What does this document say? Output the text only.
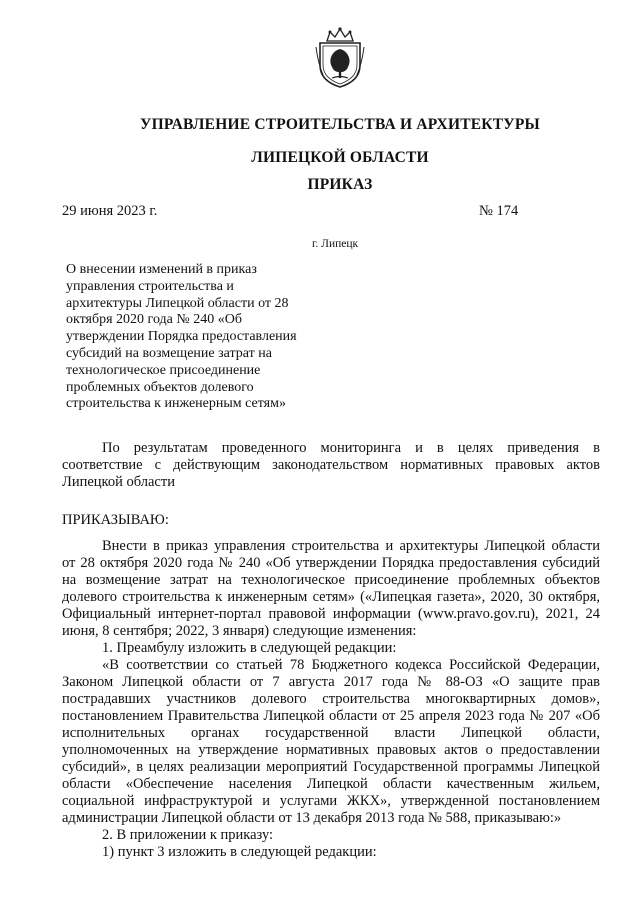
УПРАВЛЕНИЕ СТРОИТЕЛЬСТВА И АРХИТЕКТУРЫ
ЛИПЕЦКОЙ ОБЛАСТИ
ПРИКАЗ
29 июня 2023 г.	№ 174
г. Липецк
О внесении изменений в приказ
управления строительства и
архитектуры Липецкой области от 28
октября 2020 года № 240 «Об
утверждении Порядка предоставления
субсидий на возмещение затрат на
технологическое присоединение
проблемных объектов долевого
строительства к инженерным сетям»
По результатам проведенного мониторинга и в целях приведения в
соответствие с действующим законодательством нормативных правовых актов
Липецкой области
ПРИКАЗЫВАЮ:
Внести в приказ управления строительства и архитектуры Липецкой области
от 28 октября 2020 года № 240 «Об утверждении Порядка предоставления субсидий
на возмещение затрат на технологическое присоединение проблемных объектов
долевого строительства к инженерным сетям» («Липецкая газета», 2020, 30 октября,
Официальный интернет-портал правовой информации (www.pravo.gov.ru), 2021, 24
июня, 8 сентября; 2022, 3 января) следующие изменения:
1. Преамбулу изложить в следующей редакции:
«В соответствии со статьей 78 Бюджетного кодекса Российской Федерации,
Законом Липецкой области от 7 августа 2017 года № 88-ОЗ «О защите прав
пострадавших участников долевого строительства многоквартирных домов»,
постановлением Правительства Липецкой области от 25 апреля 2023 года № 207 «Об
исполнительных органах государственной власти Липецкой области,
уполномоченных на утверждение нормативных правовых актов о предоставлении
субсидий», в целях реализации мероприятий Государственной программы Липецкой
области «Обеспечение населения Липецкой области качественным жильем,
социальной инфраструктурой и услугами ЖКХ», утвержденной постановлением
администрации Липецкой области от 13 декабря 2013 года № 588, приказываю:»
2. В приложении к приказу:
1) пункт 3 изложить в следующей редакции:
